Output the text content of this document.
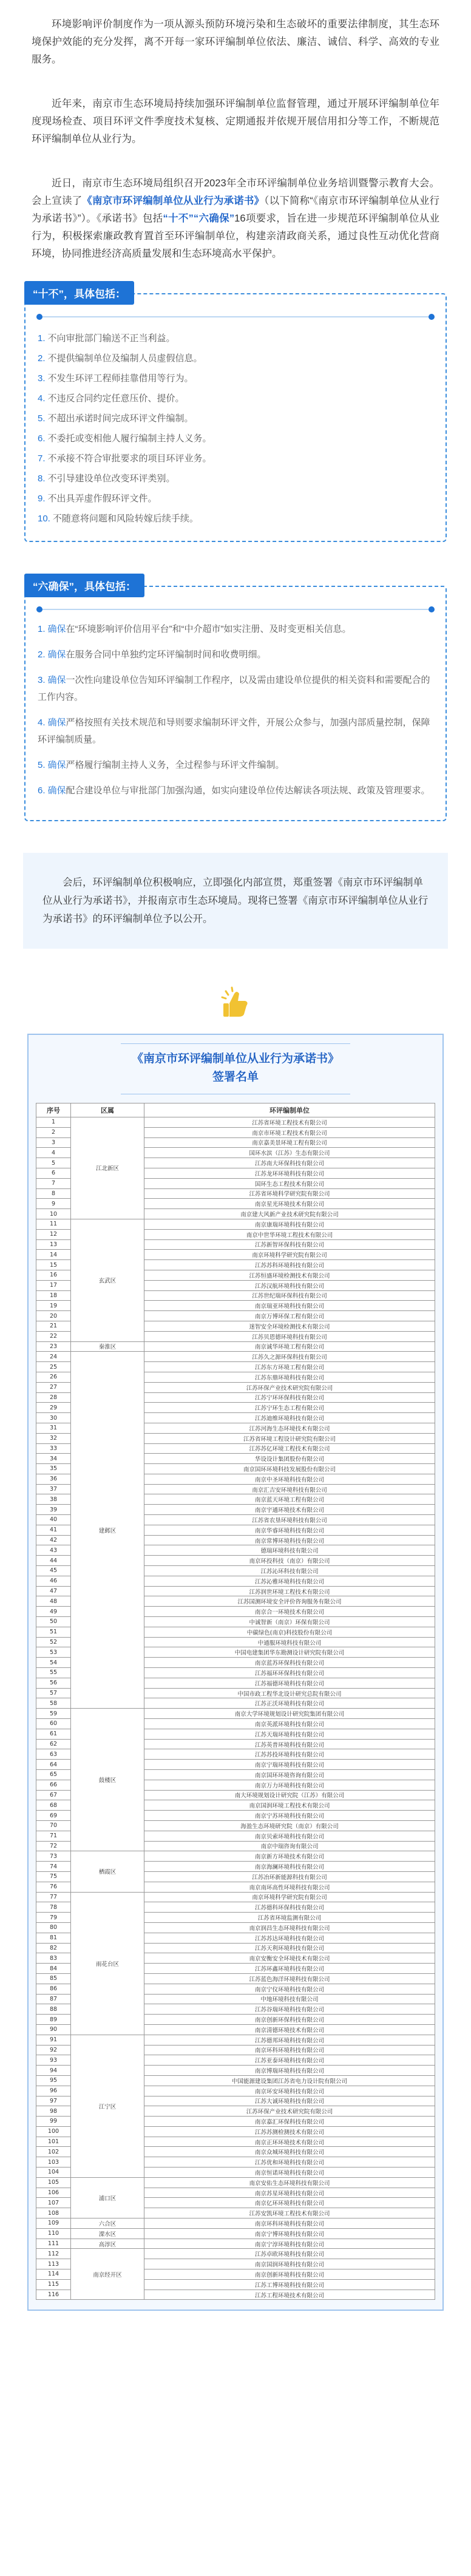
环境影响评价制度作为一项从源头预防环境污染和生态破坏的重要法律制度，其生态环境保护效能的充分发挥，离不开每一家环评编制单位依法、廉洁、诚信、科学、高效的专业服务。

近年来，南京市生态环境局持续加强环评编制单位监督管理，通过开展环评编制单位年度现场检查、项目环评文件季度技术复核、定期通报并依规开展信用扣分等工作，不断规范环评编制单位从业行为。

近日，南京市生态环境局组织召开2023年全市环评编制单位业务培训暨警示教育大会。会上宣读了《南京市环评编制单位从业行为承诺书》（以下简称“《南京市环评编制单位从业行为承诺书》”）。《承诺书》包括“十不”“六确保”16项要求，旨在进一步规范环评编制单位从业行为，积极探索廉政教育置首至环评编制单位，构建亲清政商关系，通过良性互动优化营商环境，协同推进经济高质量发展和生态环境高水平保护。

“十不”，具体包括：
1. 不向审批部门输送不正当利益。
2. 不提供编制单位及编制人员虚假信息。
3. 不发生环评工程师挂靠借用等行为。
4. 不违反合同约定任意压价、提价。
5. 不超出承诺时间完成环评文件编制。
6. 不委托或变相他人履行编制主持人义务。
7. 不承接不符合审批要求的项目环评业务。
8. 不引导建设单位改变环评类别。
9. 不出具弄虚作假环评文件。
10. 不随意将问题和风险转嫁后续手续。
“六确保”，具体包括：
1. 确保在“环境影响评价信用平台”和“中介超市”如实注册、及时变更相关信息。
2. 确保在服务合同中单独约定环评编制时间和收费明细。
3. 确保一次性向建设单位告知环评编制工作程序，以及需由建设单位提供的相关资料和需要配合的工作内容。
4. 确保严格按照有关技术规范和导则要求编制环评文件，开展公众参与，加强内部质量控制，保障环评编制质量。
5. 确保严格履行编制主持人义务，全过程参与环评文件编制。
6. 确保配合建设单位与审批部门加强沟通，如实向建设单位传达解读各项法规、政策及管理要求。

会后，环评编制单位积极响应，立即强化内部宣贯，郑重签署《南京市环评编制单位从业行为承诺书》，并报南京市生态环境局。现将已签署《南京市环评编制单位从业行为承诺书》的环评编制单位予以公开。

《南京市环评编制单位从业行为承诺书》
签署名单
序号	区属	环评编制单位
1	江北新区	江苏省环境工程技术有限公司
2		南京市环境工程技术有限公司
3		南京嘉美景环境工程有限公司
4		国环水滨（江苏）生态有限公司
5		江苏南大环保科技有限公司
6		江苏龙环环境科技有限公司
7		国环生态工程技术有限公司
8		江苏省环境科学研究院有限公司
9		南京星光环境技术有限公司
10		南京建大风新产业技术研究院有限公司
11	玄武区	南京康瑞环境科技有限公司
12		南京中世华环境工程技术有限公司
13		江苏新智环保科技有限公司
14		南京环境科学研究院有限公司
15		江苏苏科环境科技有限公司
16		江苏恒盛环境检测技术有限公司
17		江苏汉航环境科技有限公司
18		江苏世纪瑞环保科技有限公司
19		南京瑞亚环境科技有限公司
20		南京万博环保工程有限公司
21		迷智安全环境检测技术有限公司
22		江苏贝恩德环境科技有限公司
23	秦淮区	南京诚华环境工程有限公司
24	建邺区	江苏久之源环保科技有限公司
25		江苏东方环境工程有限公司
26		江苏东鼎环境科技有限公司
27		江苏环保产业技术研究院有限公司
28		江苏宁环环保科技有限公司
29		江苏宁环生态工程有限公司
30		江苏迪维环境科技有限公司
31		江苏河海生态环境技术有限公司
32		江苏省环境工程设计研究院有限公司
33		江苏苏亿环境工程技术有限公司
34		华设设计集团股份有限公司
35		南京国环环境科技发展股份有限公司
36		南京中圣环境科技有限公司
37		南京汇吉安环境科技有限公司
38		南京蓝天环境工程有限公司
39		南京宇通环境技术有限公司
40		江苏省农垦环境科技有限公司
41		南京华睿环境科技有限公司
42		南京常博环境科技有限公司
43		德瑞环境科技有限公司
44		南京环投科技（南京）有限公司
45		江苏沁环科技有限公司
46		江苏沁雅环境科技有限公司
47		江苏润世环境工程技术有限公司
48		江苏国测环境安全评价咨询服务有限公司
49		南京合一环境技术有限公司
50		中诚智新（南京）环保有限公司
51		中碳绿色(南京)科技股份有限公司
52		中通服环境科技有限公司
53		中国电建集团华东勘测设计研究院有限公司
54		南京蓝苏环保科技有限公司
55		江苏福环环保科技有限公司
56		江苏福德环境科技有限公司
57		中国市政工程华北设计研究总院有限公司
58		江苏正沃环境科技有限公司
59	鼓楼区	南京大学环境规划设计研究院集团有限公司
60		南京英派环境科技有限公司
61		江苏天瑞环境科技有限公司
62		江苏英普环境科技有限公司
63		江苏苏投环境科技有限公司
64		南京宁瑞环境科技有限公司
65		南京国环环境咨询有限公司
66		南京万力环境科技有限公司
67		南大环境规划设计研究院（江苏）有限公司
68		南京国润环境工程技术有限公司
69		南京宁苏环境科技有限公司
70		海盈生态环境研究院（南京）有限公司
71		南京贝索环境科技有限公司
72		南京中瑞咨询有限公司
73	栖霞区	南京新方环境技术有限公司
74		南京海澜环境科技有限公司
75		江苏冶环新能源科技有限公司
76		南京南环高性环境科技有限公司
77	雨花台区	南京环境科学研究院有限公司
78		江苏德科环保科技有限公司
79		江苏省环境监测有限公司
80		南京润昌生态环境科技有限公司
81		江苏苏达环境科技有限公司
82		江苏天利环境科技有限公司
83		南京安衡安全环境技术有限公司
84		江苏环鑫环境科技有限公司
85		江苏蓝色海洋环境科技有限公司
86		南京宁仪环境科技有限公司
87		中地环境科技有限公司
88		江苏谷瑞环境科技有限公司
89		南京创新环保科技有限公司
90		南京清德环境技术有限公司
91	江宁区	江苏德邦环境科技有限公司
92		南京环科环境科技有限公司
93		江苏亚泰环境科技有限公司
94		南京博瑞环境科技有限公司
95		中国能源建设集团江苏省电力设计院有限公司
96		南京环安环境科技有限公司
97		江苏大诚环境科技有限公司
98		江苏环保产业技术研究院有限公司
99		南京嘉汇环保科技有限公司
100		江苏苏测检测技术有限公司
101		南京正环环境技术有限公司
102		南京众城环境科技有限公司
103		江苏优和环境科技有限公司
104		南京恒诺环境科技有限公司
105	浦口区	南京安佑生态环境科技有限公司
106		南京苏星环境科技有限公司
107		南京亿环环境科技有限公司
108		江苏安凯环境工程技术有限公司
109	六合区	南京环科环境科技有限公司
110	溧水区	南京宁博环境科技有限公司
111	高淳区	南京宁淳环境科技有限公司
112	南京经开区	江苏卓欧环境科技有限公司
113		南京国润环境科技有限公司
114		南京创新环境科技有限公司
115		江苏工博环境科技有限公司
116		江苏工程环境技术有限公司
